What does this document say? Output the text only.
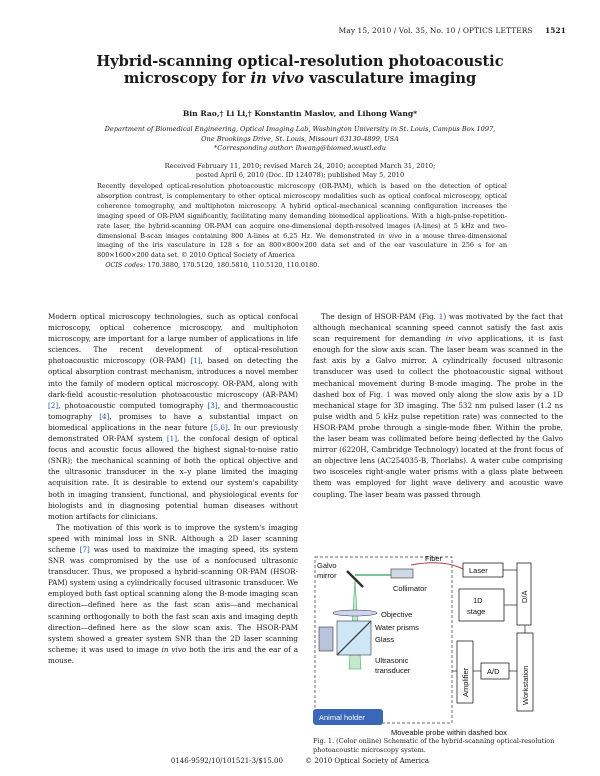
May 15, 2010 / Vol. 35, No. 10 / OPTICS LETTERS 1521
Hybrid-scanning optical-resolution photoacoustic
microscopy for in vivo vasculature imaging
Bin Rao,† Li Li,† Konstantin Maslov, and Lihong Wang*
Department of Biomedical Engineering, Optical Imaging Lab, Washington University in St. Louis, Campus Box 1097,
One Brookings Drive, St. Louis, Missouri 63130-4899, USA
*Corresponding author: lhwang@biomed.wustl.edu
Received February 11, 2010; revised March 24, 2010; accepted March 31, 2010;
posted April 6, 2010 (Doc. ID 124078); published May 5, 2010
Recently developed optical-resolution photoacoustic microscopy (OR-PAM), which is based on the detection of optical absorption contrast, is complementary to other optical microscopy modalities such as optical confocal microscopy, optical coherence tomography, and multiphoton microscopy. A hybrid optical–mechanical scanning configuration increases the imaging speed of OR-PAM significantly, facilitating many demanding biomedical applications. With a high-pulse-repetition-rate laser, the hybrid-scanning OR-PAM can acquire one-dimensional depth-resolved images (A-lines) at 5 kHz and two-dimensional B-scan images containing 800 A-lines at 6.25 Hz. We demonstrated in vivo in a mouse three-dimensional imaging of the iris vasculature in 128 s for an 800×800×200 data set and of the ear vasculature in 256 s for an 800×1600×200 data set. © 2010 Optical Society of America
OCIS codes: 170.3880, 170.5120, 180.5810, 110.5120, 110.0180.

Modern optical microscopy technologies, such as optical confocal microscopy, optical coherence microscopy, and multiphoton microscopy, are important for a large number of applications in life sciences. The recent development of optical-resolution photoacoustic microscopy (OR-PAM) [1], based on detecting the optical absorption contrast mechanism, introduces a novel member into the family of modern optical microscopy. OR-PAM, along with dark-field acoustic-resolution photoacoustic microscopy (AR-PAM) [2], photoacoustic computed tomography [3], and thermoacoustic tomography [4], promises to have a substantial impact on biomedical applications in the near future [5,6]. In our previously demonstrated OR-PAM system [1], the confocal design of optical focus and acoustic focus allowed the highest signal-to-noise ratio (SNR); the mechanical scanning of both the optical objective and the ultrasonic transducer in the x–y plane limited the imaging acquisition rate. It is desirable to extend our system's capability both in imaging transient, functional, and physiological events for biologists and in diagnosing potential human diseases without motion artifacts for clinicians.

The motivation of this work is to improve the system's imaging speed with minimal loss in SNR. Although a 2D laser scanning scheme [7] was used to maximize the imaging speed, its system SNR was compromised by the use of a nonfocused ultrasonic transducer. Thus, we proposed a hybrid-scanning OR-PAM (HSOR-PAM) system using a cylindrically focused ultrasonic transducer. We employed both fast optical scanning along the B-mode imaging scan direction—defined here as the fast scan axis—and mechanical scanning orthogonally to both the fast scan axis and imaging depth direction—defined here as the slow scan axis. The HSOR-PAM system showed a greater system SNR than the 2D laser scanning scheme; it was used to image in vivo both the iris and the ear of a mouse.

The design of HSOR-PAM (Fig. 1) was motivated by the fact that although mechanical scanning speed cannot satisfy the fast axis scan requirement for demanding in vivo applications, it is fast enough for the slow axis scan. The laser beam was scanned in the fast axis by a Galvo mirror. A cylindrically focused ultrasonic transducer was used to collect the photoacoustic signal without mechanical movement during B-mode imaging. The probe in the dashed box of Fig. 1 was moved only along the slow axis by a 1D mechanical stage for 3D imaging. The 532 nm pulsed laser (1.2 ns pulse width and 5 kHz pulse repetition rate) was connected to the HSOR-PAM probe through a single-mode fiber. Within the probe, the laser beam was collimated before being deflected by the Galvo mirror (6220H, Cambridge Technology) located at the front focus of an objective lens (AC254035-B, Thorlabs). A water cube comprising two isosceles right-angle water prisms with a glass plate between them was employed for light wave delivery and acoustic wave coupling. The laser beam was passed through

Fiber
Laser
Galvo
mirror
Collimator
Objective
Water prisms
Glass
Ultrasonic
transducer
1D
stage
D/A
Amplifier A/D	Workstation
Animal holder
Moveable probe within dashed box
Fig. 1. (Color online) Schematic of the hybrid-scanning optical-resolution photoacoustic microscopy system.
0146-9592/10/101521-3/$15.00	© 2010 Optical Society of America
